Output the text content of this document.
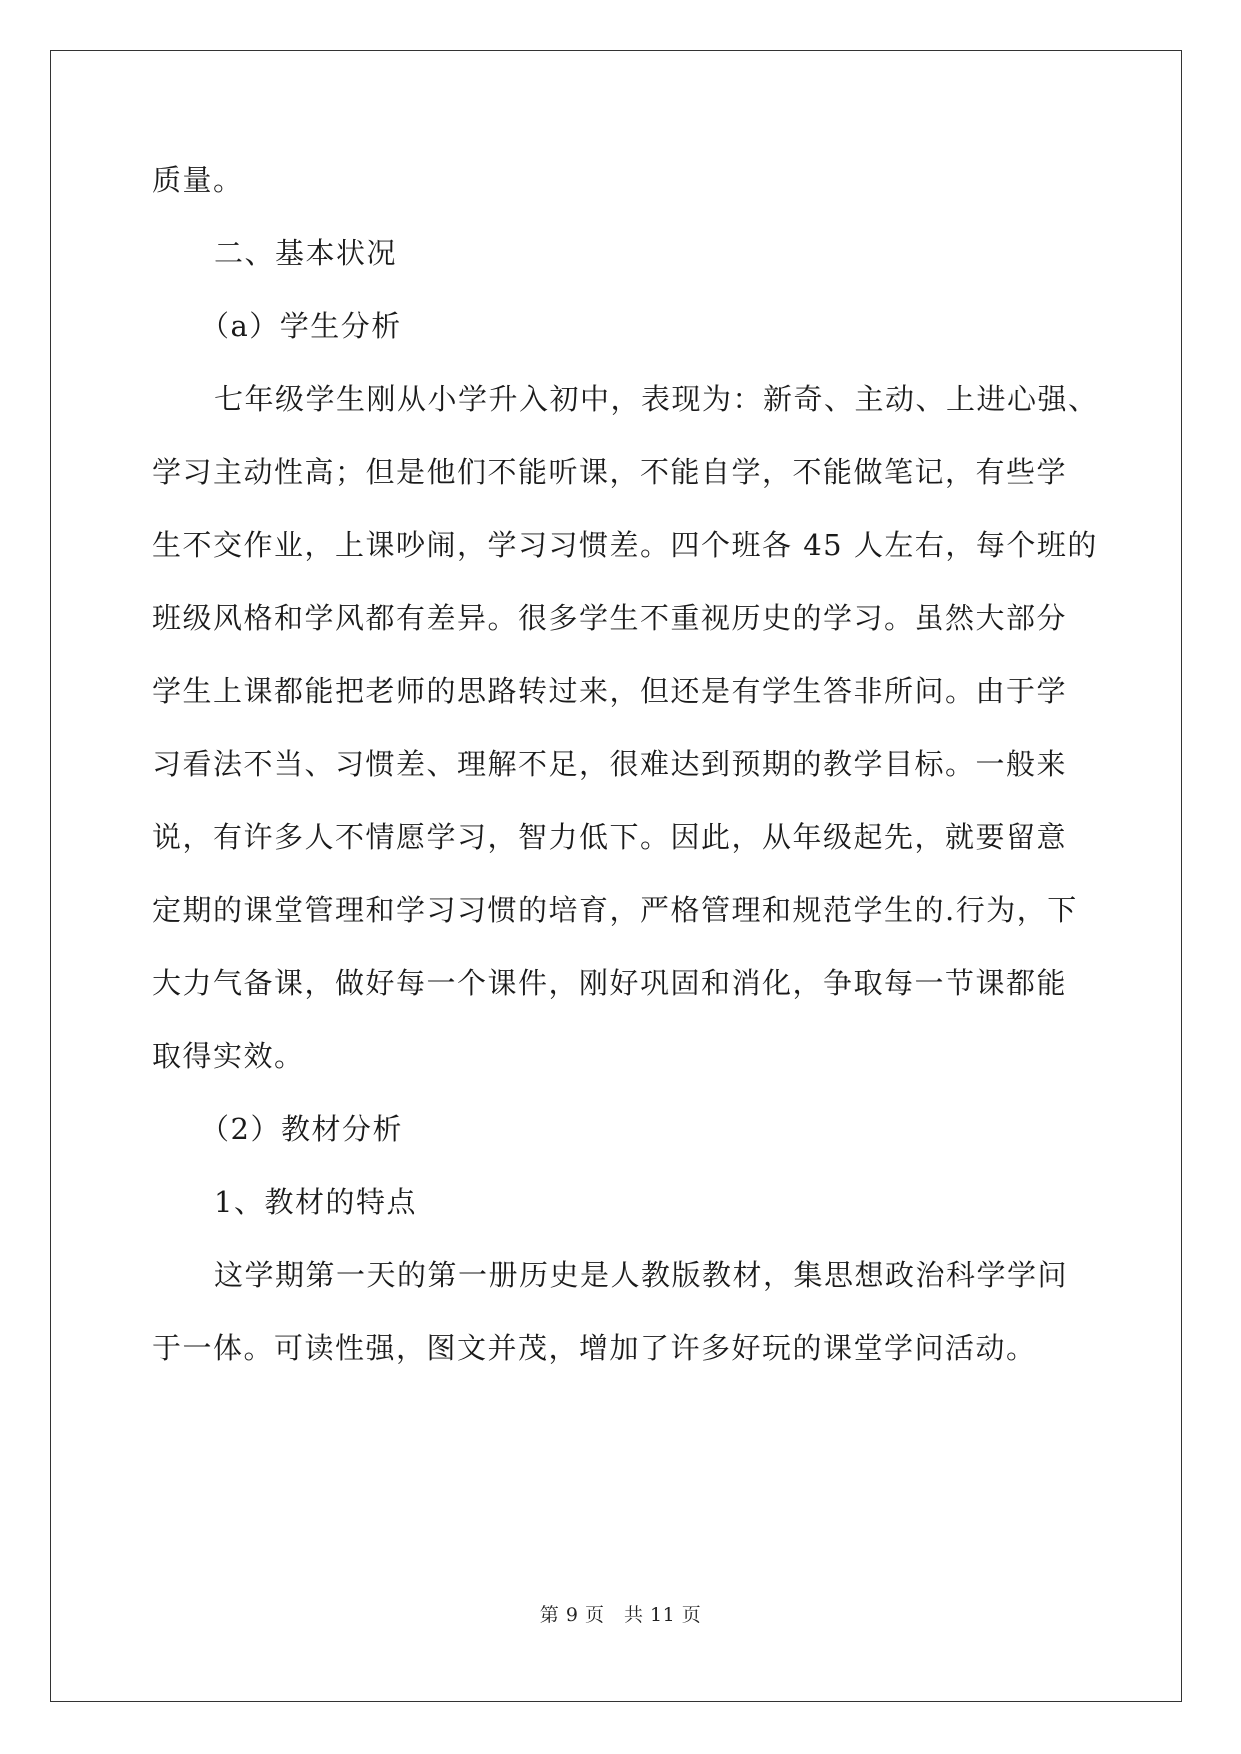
质量。
二、基本状况
（a）学生分析
七年级学生刚从小学升入初中，表现为：新奇、主动、上进心强、
学习主动性高；但是他们不能听课，不能自学，不能做笔记，有些学
生不交作业，上课吵闹，学习习惯差。四个班各 45 人左右，每个班的
班级风格和学风都有差异。很多学生不重视历史的学习。虽然大部分
学生上课都能把老师的思路转过来，但还是有学生答非所问。由于学
习看法不当、习惯差、理解不足，很难达到预期的教学目标。一般来
说，有许多人不情愿学习，智力低下。因此，从年级起先，就要留意
定期的课堂管理和学习习惯的培育，严格管理和规范学生的.行为，下
大力气备课，做好每一个课件，刚好巩固和消化，争取每一节课都能
取得实效。
（2）教材分析
1、教材的特点
这学期第一天的第一册历史是人教版教材，集思想政治科学学问
于一体。可读性强，图文并茂，增加了许多好玩的课堂学问活动。
第 9 页　共 11 页
